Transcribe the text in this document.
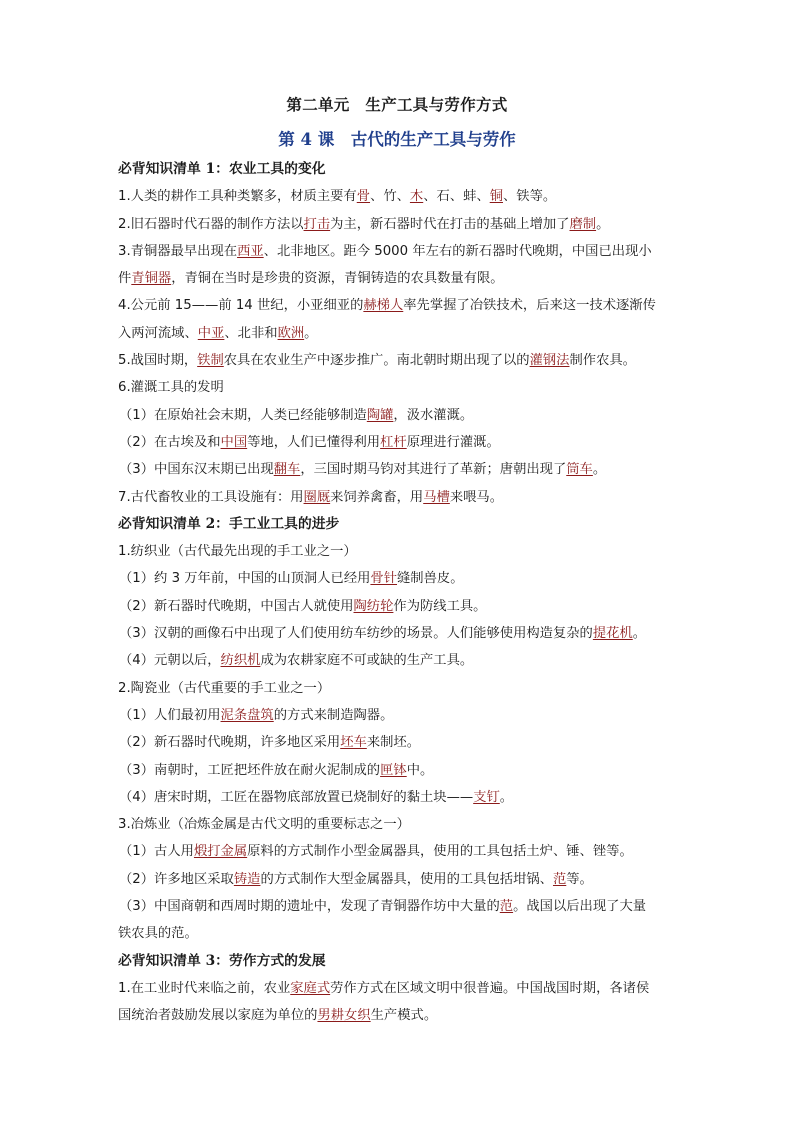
第二单元　生产工具与劳作方式
第 4 课　古代的生产工具与劳作
必背知识清单 1：农业工具的变化
1.人类的耕作工具种类繁多，材质主要有骨、竹、木、石、蚌、铜、铁等。
2.旧石器时代石器的制作方法以打击为主，新石器时代在打击的基础上增加了磨制。
3.青铜器最早出现在西亚、北非地区。距今 5000 年左右的新石器时代晚期，中国已出现小
件青铜器，青铜在当时是珍贵的资源，青铜铸造的农具数量有限。
4.公元前 15——前 14 世纪，小亚细亚的赫梯人率先掌握了冶铁技术，后来这一技术逐渐传
入两河流域、中亚、北非和欧洲。
5.战国时期，铁制农具在农业生产中逐步推广。南北朝时期出现了以的灌钢法制作农具。
6.灌溉工具的发明
（1）在原始社会末期，人类已经能够制造陶罐，汲水灌溉。
（2）在古埃及和中国等地，人们已懂得利用杠杆原理进行灌溉。
（3）中国东汉末期已出现翻车，三国时期马钧对其进行了革新；唐朝出现了筒车。
7.古代畜牧业的工具设施有：用圈厩来饲养禽畜，用马槽来喂马。
必背知识清单 2：手工业工具的进步
1.纺织业（古代最先出现的手工业之一）
（1）约 3 万年前，中国的山顶洞人已经用骨针缝制兽皮。
（2）新石器时代晚期，中国古人就使用陶纺轮作为防线工具。
（3）汉朝的画像石中出现了人们使用纺车纺纱的场景。人们能够使用构造复杂的提花机。
（4）元朝以后，纺织机成为农耕家庭不可或缺的生产工具。
2.陶瓷业（古代重要的手工业之一）
（1）人们最初用泥条盘筑的方式来制造陶器。
（2）新石器时代晚期，许多地区采用坯车来制坯。
（3）南朝时，工匠把坯件放在耐火泥制成的匣钵中。
（4）唐宋时期，工匠在器物底部放置已烧制好的黏土块——支钉。
3.冶炼业（冶炼金属是古代文明的重要标志之一）
（1）古人用煅打金属原料的方式制作小型金属器具，使用的工具包括土炉、锤、锉等。
（2）许多地区采取铸造的方式制作大型金属器具，使用的工具包括坩锅、范等。
（3）中国商朝和西周时期的遗址中，发现了青铜器作坊中大量的范。战国以后出现了大量
铁农具的范。
必背知识清单 3：劳作方式的发展
1.在工业时代来临之前，农业家庭式劳作方式在区域文明中很普遍。中国战国时期，各诸侯
国统治者鼓励发展以家庭为单位的男耕女织生产模式。
